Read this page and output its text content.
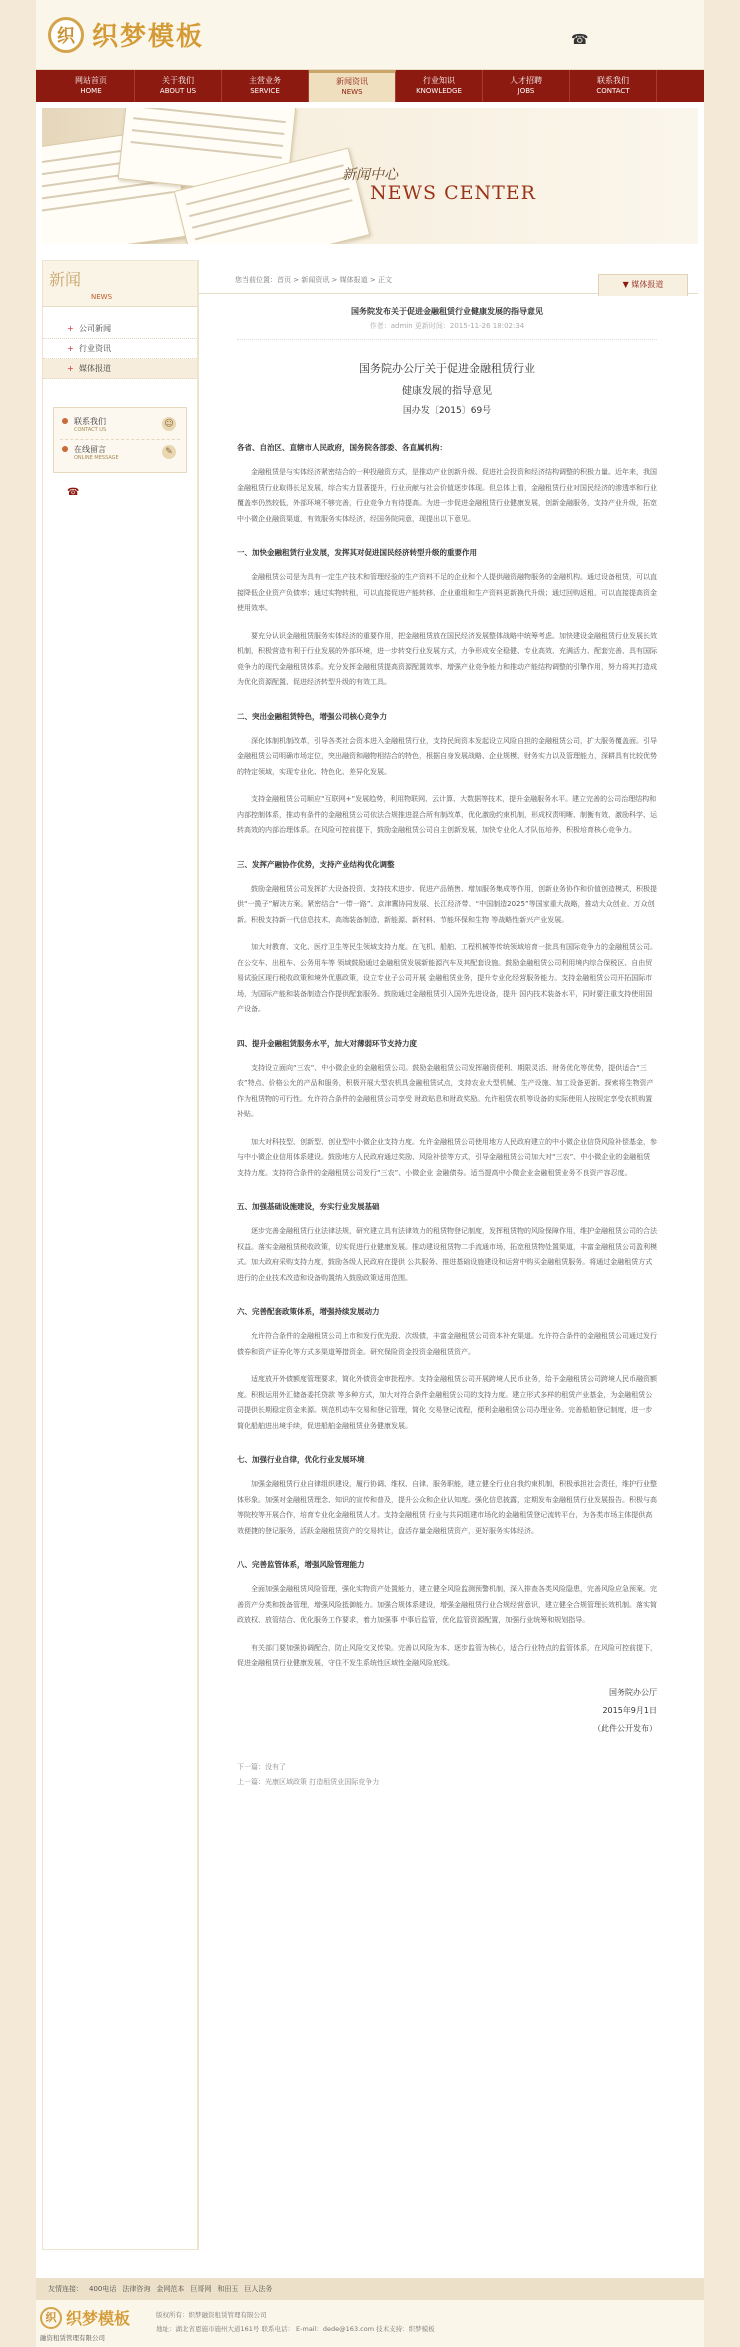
织 织梦模板	☎
网站首页
HOME
关于我们
ABOUT US
主营业务
SERVICE
新闻资讯
NEWS
行业知识
KNOWLEDGE
人才招聘
JOBS
联系我们
CONTACT
新闻中心
NEWS CENTER
新闻
NEWS
+ 公司新闻
+ 行业资讯
+ 媒体报道
联系我们
CONTACT US
☺
在线留言
ONLINE MESSAGE
✎
☎
您当前位置：首页 > 新闻资讯 > 媒体报道 > 正文	▼ 媒体报道
国务院发布关于促进金融租赁行业健康发展的指导意见
作者：admin 更新时间：2015-11-26 18:02:34
国务院办公厅关于促进金融租赁行业
健康发展的指导意见
国办发〔2015〕69号
各省、自治区、直辖市人民政府，国务院各部委、各直属机构：
金融租赁是与实体经济紧密结合的一种投融资方式，是推动产业创新升级、促进社会投资和经济结构调整的积极力量。近年来，我国金融租赁行业取得长足发展，综合实力显著提升，行业贡献与社会价值逐步体现。但总体上看，金融租赁行业对国民经济的渗透率和行业覆盖率仍然较低，外部环境不够完善，行业竞争力有待提高。为进一步促进金融租赁行业健康发展，创新金融服务，支持产业升级，拓宽中小微企业融资渠道，有效服务实体经济，经国务院同意，现提出以下意见。
一、加快金融租赁行业发展，发挥其对促进国民经济转型升级的重要作用
金融租赁公司是为具有一定生产技术和管理经验的生产资料不足的企业和个人提供融资融物服务的金融机构。通过设备租赁，可以直接降低企业资产负债率；通过实物转租，可以直接促进产能转移、企业重组和生产资料更新换代升级；通过回购返租，可以直接提高资金使用效率。
要充分认识金融租赁服务实体经济的重要作用，把金融租赁放在国民经济发展整体战略中统筹考虑。加快建设金融租赁行业发展长效机制，积极营造有利于行业发展的外部环境，进一步转变行业发展方式，力争形成安全稳健、专业高效、充满活力、配套完善、具有国际竞争力的现代金融租赁体系。充分发挥金融租赁提高资源配置效率、增强产业竞争能力和推动产能结构调整的引擎作用，努力将其打造成为优化资源配置、促进经济转型升级的有效工具。
二、突出金融租赁特色，增强公司核心竞争力
深化体制机制改革，引导各类社会资本进入金融租赁行业，支持民间资本发起设立风险自担的金融租赁公司，扩大服务覆盖面。引导金融租赁公司明确市场定位，突出融资和融物相结合的特色，根据自身发展战略、企业规模、财务实力以及管理能力，深耕具有比较优势的特定领域，实现专业化、特色化、差异化发展。
支持金融租赁公司顺应“互联网+”发展趋势，利用物联网、云计算、大数据等技术，提升金融服务水平。建立完善的公司治理结构和内部控制体系，推动有条件的金融租赁公司依法合规推进混合所有制改革，优化激励约束机制，形成权责明晰、制衡有效、激励科学、运转高效的内部治理体系。在风险可控前提下，鼓励金融租赁公司自主创新发展，加快专业化人才队伍培养，积极培育核心竞争力。
三、发挥产融协作优势，支持产业结构优化调整
鼓励金融租赁公司发挥扩大设备投资、支持技术进步、促进产品销售、增加服务集成等作用，创新业务协作和价值创造模式，积极提供“一揽子”解决方案。紧密结合“一带一路”、京津冀协同发展、长江经济带、“中国制造2025”等国家重大战略，推动大众创业、万众创新。积极支持新一代信息技术、高端装备制造、新能源、新材料、节能环保和生物 等战略性新兴产业发展。
加大对教育、文化、医疗卫生等民生领域支持力度。在飞机、船舶、工程机械等传统领域培育一批具有国际竞争力的金融租赁公司。在公交车、出租车、公务用车等 领域鼓励通过金融租赁发展新能源汽车及其配套设施。鼓励金融租赁公司利用境内综合保税区、自由贸易试验区现行税收政策和境外优惠政策，设立专业子公司开展 金融租赁业务，提升专业化经营服务能力。支持金融租赁公司开拓国际市场，为国际产能和装备制造合作提供配套服务。鼓励通过金融租赁引入国外先进设备，提升 国内技术装备水平，同时要注重支持使用国产设备。
四、提升金融租赁服务水平，加大对薄弱环节支持力度
支持设立面向“三农”、中小微企业的金融租赁公司。鼓励金融租赁公司发挥融资便利、期限灵活、财务优化等优势，提供适合“三农”特点、价格公允的产品和服务，积极开展大型农机具金融租赁试点，支持农业大型机械、生产设施、加工设备更新。探索将生物资产作为租赁物的可行性。允许符合条件的金融租赁公司享受 财政贴息和财政奖励。允许租赁农机等设备的实际使用人按规定享受农机购置补贴。
加大对科技型、创新型、创业型中小微企业支持力度。允许金融租赁公司使用地方人民政府建立的中小微企业信贷风险补偿基金，参与中小微企业信用体系建设。鼓励地方人民政府通过奖励、风险补偿等方式，引导金融租赁公司加大对“三农”、中小微企业的金融租赁支持力度。支持符合条件的金融租赁公司发行“三农”、小微企业 金融债券。适当提高中小微企业金融租赁业务不良资产容忍度。
五、加强基础设施建设，夯实行业发展基础
逐步完善金融租赁行业法律法规，研究建立具有法律效力的租赁物登记制度，发挥租赁物的风险保障作用，维护金融租赁公司的合法权益。落实金融租赁税收政策，切实促进行业健康发展。推动建设租赁物二手流通市场，拓宽租赁物处置渠道，丰富金融租赁公司盈利模式。加大政府采购支持力度，鼓励各级人民政府在提供 公共服务、推进基础设施建设和运营中购买金融租赁服务。将通过金融租赁方式进行的企业技术改造和设备购置纳入鼓励政策适用范围。
六、完善配套政策体系，增强持续发展动力
允许符合条件的金融租赁公司上市和发行优先股、次级债，丰富金融租赁公司资本补充渠道。允许符合条件的金融租赁公司通过发行债券和资产证券化等方式多渠道筹措资金。研究保险资金投资金融租赁资产。
适度放开外债额度管理要求，简化外债资金审批程序。支持金融租赁公司开展跨境人民币业务，给予金融租赁公司跨境人民币融资额度。积极运用外汇储备委托贷款 等多种方式，加大对符合条件金融租赁公司的支持力度。建立形式多样的租赁产业基金，为金融租赁公司提供长期稳定资金来源。规范机动车交易和登记管理，简化 交易登记流程，便利金融租赁公司办理业务。完善船舶登记制度，进一步简化船舶进出境手续，促进船舶金融租赁业务健康发展。
七、加强行业自律，优化行业发展环境
加强金融租赁行业自律组织建设，履行协调、维权、自律、服务职能，建立健全行业自我约束机制，积极承担社会责任，维护行业整体形象。加强对金融租赁理念、知识的宣传和普及，提升公众和企业认知度。强化信息披露，定期发布金融租赁行业发展报告。积极与高等院校等开展合作，培育专业化金融租赁人才。支持金融租赁 行业与共同组建市场化的金融租赁登记流转平台，为各类市场主体提供高效便捷的登记服务，活跃金融租赁资产的交易转让，盘活存量金融租赁资产，更好服务实体经济。
八、完善监管体系，增强风险管理能力
全面加强金融租赁风险管理，强化实物资产处置能力，建立健全风险监测预警机制，深入排查各类风险隐患，完善风险应急预案。完善资产分类和拨备管理，增强风险抵御能力。加强合规体系建设，增强金融租赁行业合规经营意识，建立健全合规管理长效机制。落实简政放权、放管结合、优化服务工作要求，着力加强事 中事后监管，优化监管资源配置，加强行业统筹和规划指导。
有关部门要加强协调配合，防止风险交叉传染。完善以风险为本、逐步监管为核心，适合行业特点的监管体系，在风险可控前提下，促进金融租赁行业健康发展，守住不发生系统性区域性金融风险底线。
国务院办公厅
2015年9月1日
（此件公开发布）
下一篇：没有了
上一篇：光康区域政策 打造租赁业国际竞争力
友情连接： 400电话 法律咨询 金网范本 巨哥网 和田玉 巨人法务
织 织梦模板
融资租赁管理有限公司
版权所有：织梦融资租赁管理有限公司
地址：湖北省恩施市施州大道161号 联系电话： E-mail：dede@163.com 技术支持：织梦模板
